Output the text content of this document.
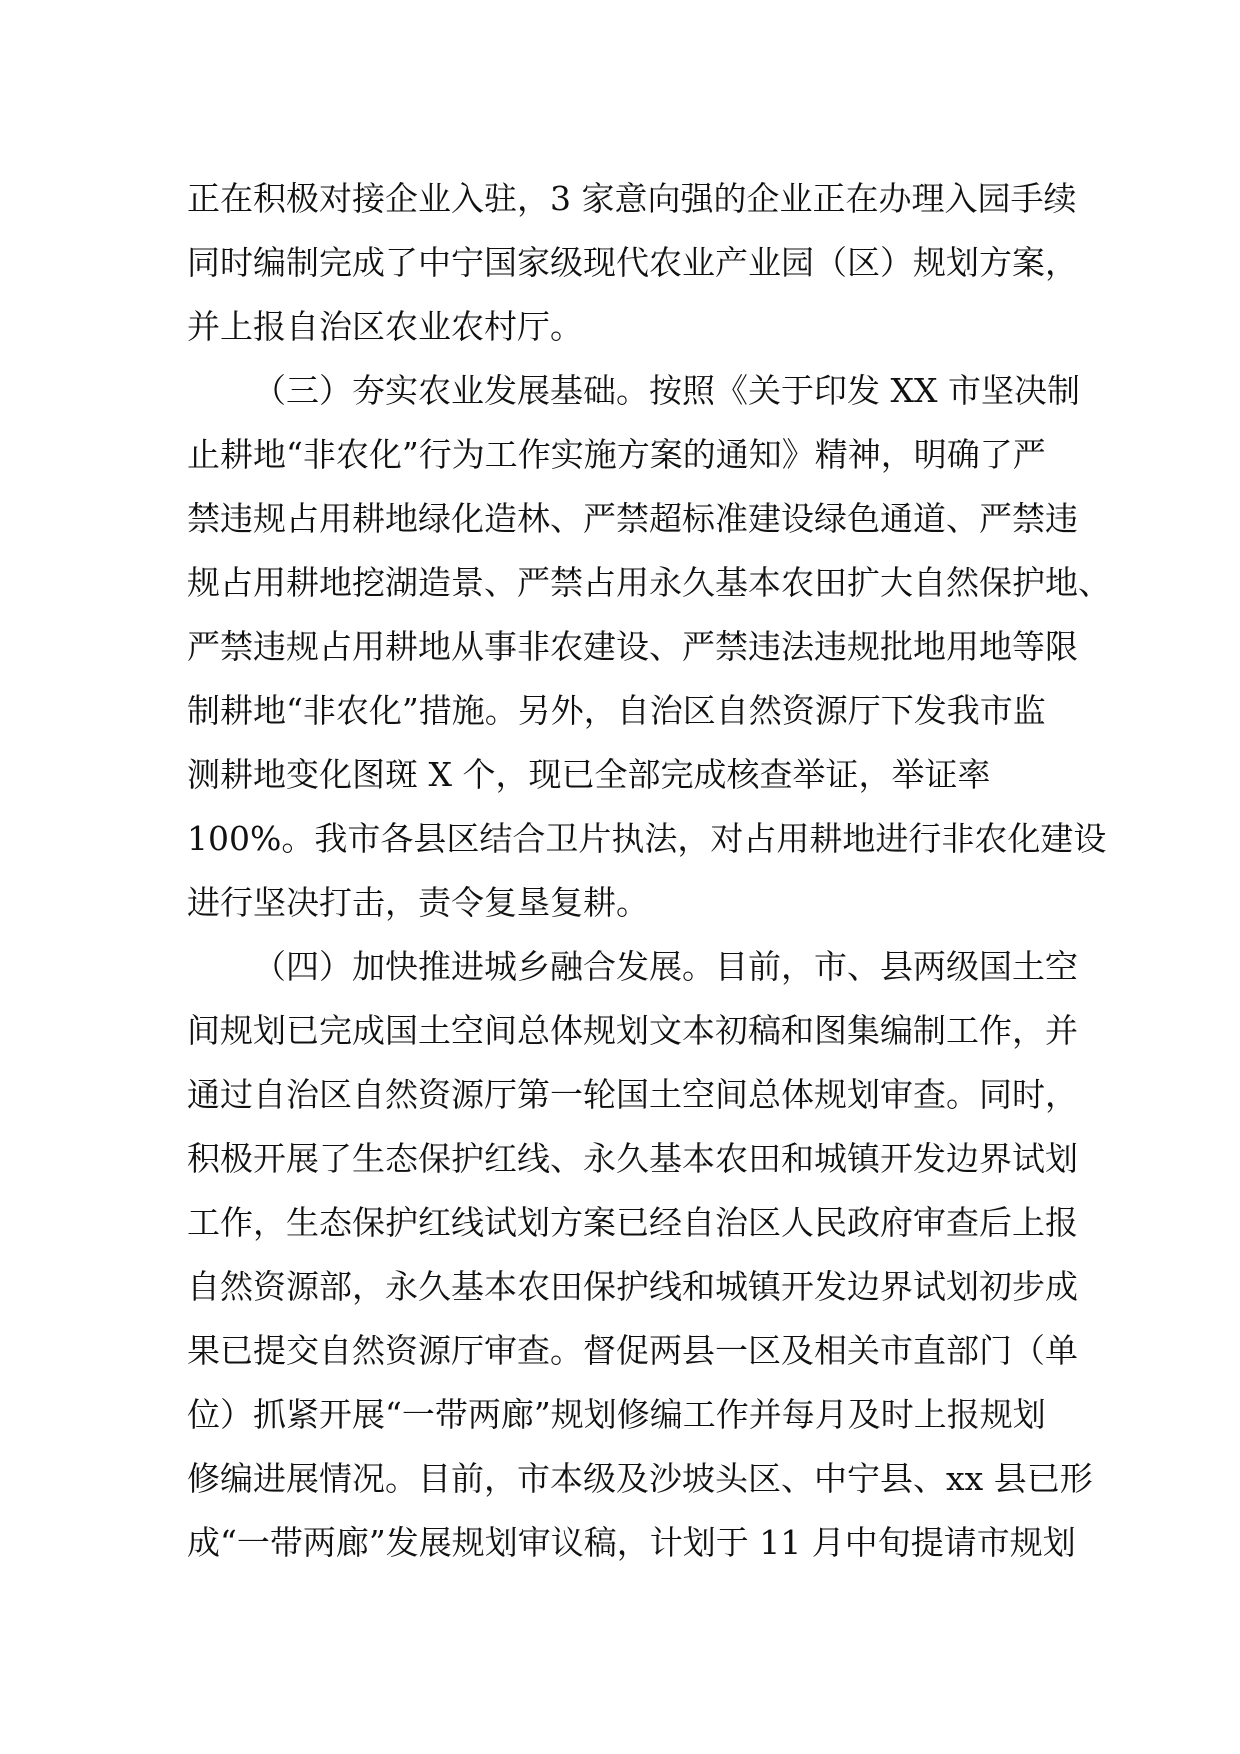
正在积极对接企业入驻，3 家意向强的企业正在办理入园手续
同时编制完成了中宁国家级现代农业产业园（区）规划方案，
并上报自治区农业农村厅。
（三）夯实农业发展基础。按照《关于印发 XX 市坚决制
止耕地“非农化”行为工作实施方案的通知》精神，明确了严
禁违规占用耕地绿化造林、严禁超标准建设绿色通道、严禁违
规占用耕地挖湖造景、严禁占用永久基本农田扩大自然保护地、
严禁违规占用耕地从事非农建设、严禁违法违规批地用地等限
制耕地“非农化”措施。另外，自治区自然资源厅下发我市监
测耕地变化图斑 X 个，现已全部完成核查举证，举证率
100%。我市各县区结合卫片执法，对占用耕地进行非农化建设
进行坚决打击，责令复垦复耕。
（四）加快推进城乡融合发展。目前，市、县两级国土空
间规划已完成国土空间总体规划文本初稿和图集编制工作，并
通过自治区自然资源厅第一轮国土空间总体规划审查。同时，
积极开展了生态保护红线、永久基本农田和城镇开发边界试划
工作，生态保护红线试划方案已经自治区人民政府审查后上报
自然资源部，永久基本农田保护线和城镇开发边界试划初步成
果已提交自然资源厅审查。督促两县一区及相关市直部门（单
位）抓紧开展“一带两廊”规划修编工作并每月及时上报规划
修编进展情况。目前，市本级及沙坡头区、中宁县、xx 县已形
成“一带两廊”发展规划审议稿，计划于 11 月中旬提请市规划
